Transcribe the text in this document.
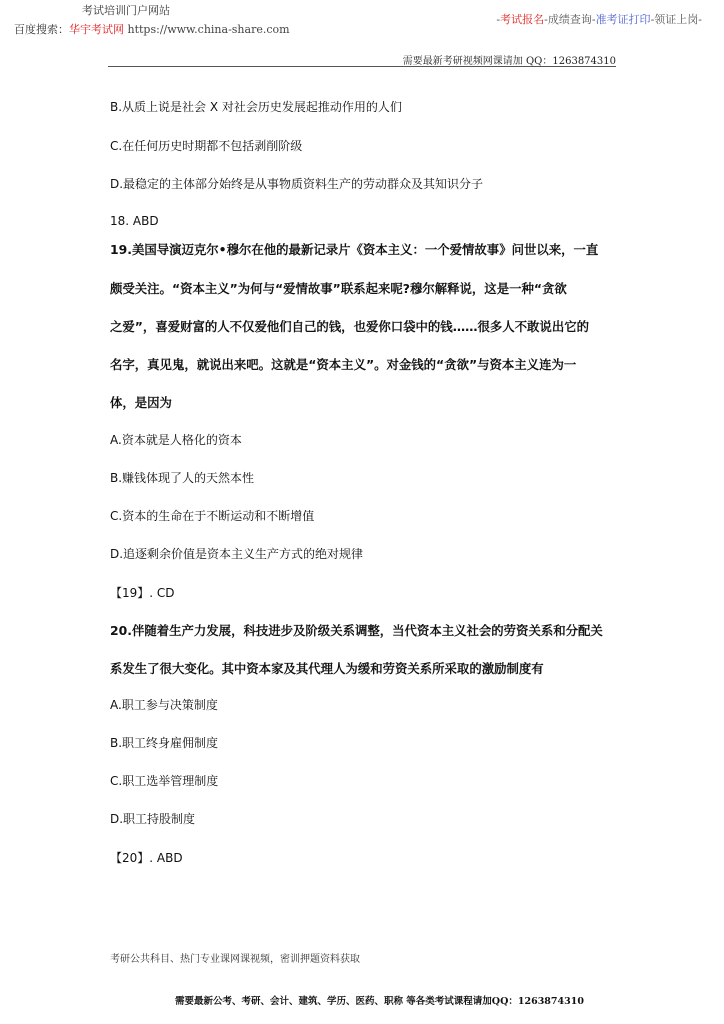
考试培训门户网站
百度搜索：华宇考试网 https://www.china-share.com
-考试报名-成绩查询-准考证打印-领证上岗-
需要最新考研视频网课请加 QQ：1263874310
B.从质上说是社会 X 对社会历史发展起推动作用的人们
C.在任何历史时期都不包括剥削阶级
D.最稳定的主体部分始终是从事物质资料生产的劳动群众及其知识分子
18. ABD
19.美国导演迈克尔•穆尔在他的最新记录片《资本主义：一个爱情故事》问世以来，一直
颇受关注。“资本主义”为何与“爱情故事”联系起来呢?穆尔解释说，这是一种“贪欲
之爱”，喜爱财富的人不仅爱他们自己的钱，也爱你口袋中的钱……很多人不敢说出它的
名字，真见鬼，就说出来吧。这就是“资本主义”。对金钱的“贪欲”与资本主义连为一
体，是因为
A.资本就是人格化的资本
B.赚钱体现了人的天然本性
C.资本的生命在于不断运动和不断增值
D.追逐剩余价值是资本主义生产方式的绝对规律
【19】. CD
20.伴随着生产力发展，科技进步及阶级关系调整，当代资本主义社会的劳资关系和分配关
系发生了很大变化。其中资本家及其代理人为缓和劳资关系所采取的激励制度有
A.职工参与决策制度
B.职工终身雇佣制度
C.职工选举管理制度
D.职工持股制度
【20】. ABD
考研公共科目、热门专业课网课视频，密训押题资料获取
需要最新公考、考研、会计、建筑、学历、医药、职称 等各类考试课程请加QQ：1263874310
